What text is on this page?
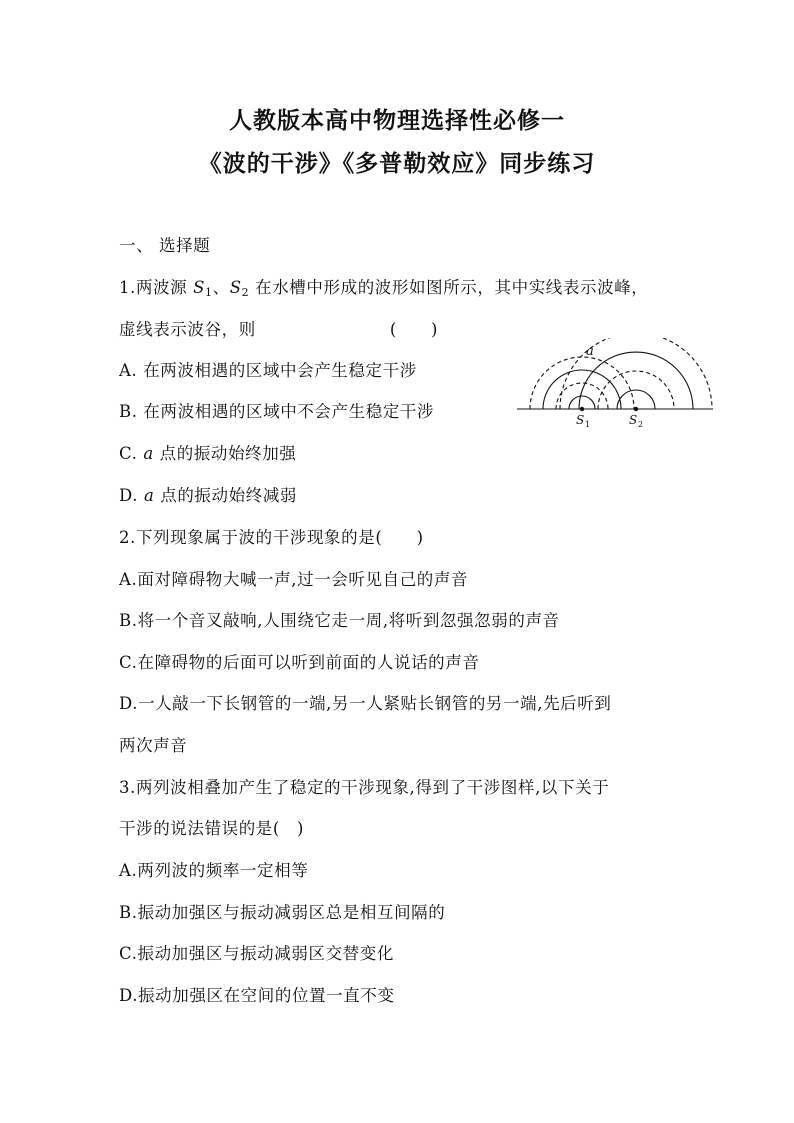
人教版本高中物理选择性必修一
《波的干涉》《多普勒效应》同步练习
一、 选择题
1.两波源 $S_1$、$S_2$ 在水槽中形成的波形如图所示，其中实线表示波峰，
虚线表示波谷，则	(　　)
A. 在两波相遇的区域中会产生稳定干涉
B. 在两波相遇的区域中不会产生稳定干涉
C. a 点的振动始终加强
D. a 点的振动始终减弱
a
S 1	S 2
2.下列现象属于波的干涉现象的是(　　)
A.面对障碍物大喊一声,过一会听见自己的声音
B.将一个音叉敲响,人围绕它走一周,将听到忽强忽弱的声音
C.在障碍物的后面可以听到前面的人说话的声音
D.一人敲一下长钢管的一端,另一人紧贴长钢管的另一端,先后听到
两次声音
3.两列波相叠加产生了稳定的干涉现象,得到了干涉图样,以下关于
干涉的说法错误的是(　)
A.两列波的频率一定相等
B.振动加强区与振动减弱区总是相互间隔的
C.振动加强区与振动减弱区交替变化
D.振动加强区在空间的位置一直不变
